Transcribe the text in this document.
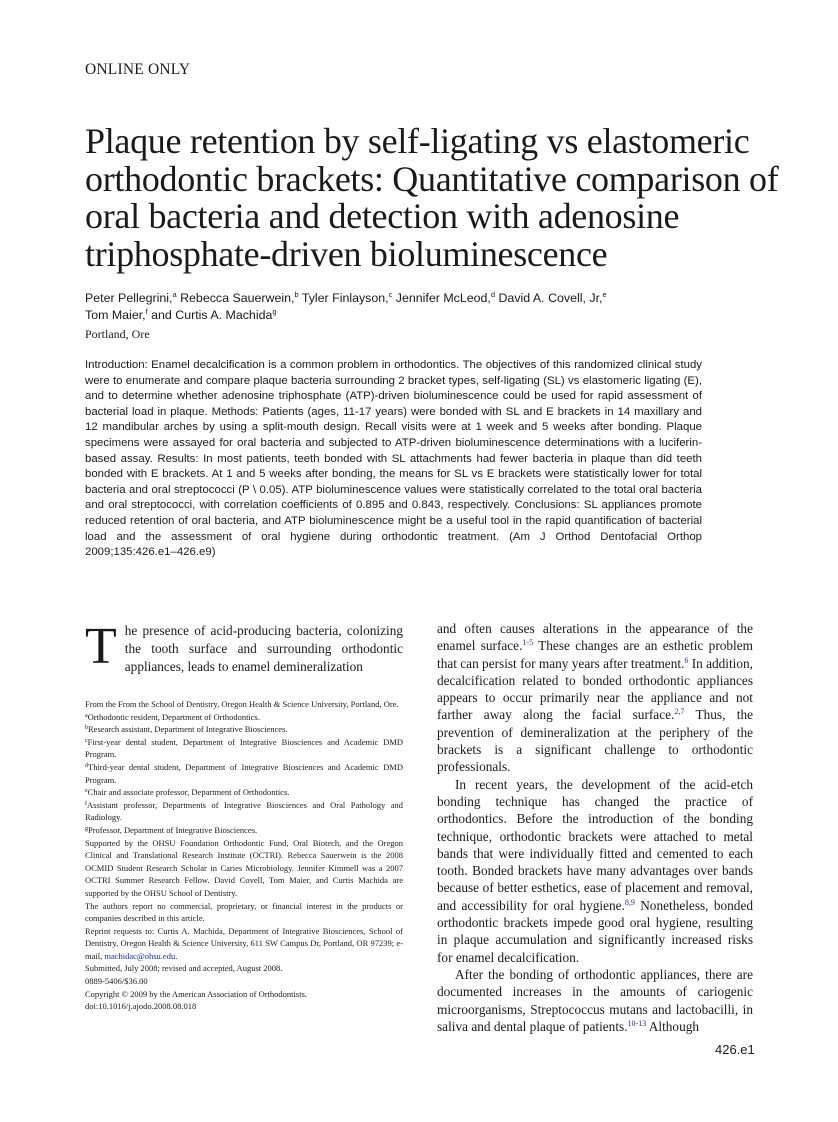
ONLINE ONLY
Plaque retention by self-ligating vs elastomeric orthodontic brackets: Quantitative comparison of oral bacteria and detection with adenosine triphosphate-driven bioluminescence
Peter Pellegrini,$^a$ Rebecca Sauerwein,$^b$ Tyler Finlayson,$^c$ Jennifer McLeod,$^d$ David A. Covell, Jr,$^e$
Tom Maier,$^f$ and Curtis A. Machida$^g$
Portland, Ore

Introduction: Enamel decalcification is a common problem in orthodontics. The objectives of this randomized clinical study were to enumerate and compare plaque bacteria surrounding 2 bracket types, self-ligating (SL) vs elastomeric ligating (E), and to determine whether adenosine triphosphate (ATP)-driven bioluminescence could be used for rapid assessment of bacterial load in plaque. Methods: Patients (ages, 11-17 years) were bonded with SL and E brackets in 14 maxillary and 12 mandibular arches by using a split-mouth design. Recall visits were at 1 week and 5 weeks after bonding. Plaque specimens were assayed for oral bacteria and subjected to ATP-driven bioluminescence determinations with a luciferin-based assay. Results: In most patients, teeth bonded with SL attachments had fewer bacteria in plaque than did teeth bonded with E brackets. At 1 and 5 weeks after bonding, the means for SL vs E brackets were statistically lower for total bacteria and oral streptococci (P \ 0.05). ATP bioluminescence values were statistically correlated to the total oral bacteria and oral streptococci, with correlation coefficients of 0.895 and 0.843, respectively. Conclusions: SL appliances promote reduced retention of oral bacteria, and ATP bioluminescence might be a useful tool in the rapid quantification of bacterial load and the assessment of oral hygiene during orthodontic treatment. (Am J Orthod Dentofacial Orthop 2009;135:426.e1–426.e9)

The presence of acid-producing bacteria, colonizing the tooth surface and surrounding orthodontic appliances, leads to enamel demineralization

From the From the School of Dentistry, Oregon Health & Science University, Portland, Ore.

$^a$Orthodontic resident, Department of Orthodontics.

$^b$Research assistant, Department of Integrative Biosciences.

$^c$First-year dental student, Department of Integrative Biosciences and Academic DMD Program.

$^d$Third-year dental student, Department of Integrative Biosciences and Academic DMD Program.

$^e$Chair and associate professor, Department of Orthodontics.

$^f$Assistant professor, Departments of Integrative Biosciences and Oral Pathology and Radiology.

$^g$Professor, Department of Integrative Biosciences.

Supported by the OHSU Foundation Orthodontic Fund, Oral Biotech, and the Oregon Clinical and Translational Research Institute (OCTRI). Rebecca Sauerwein is the 2008 OCMID Student Research Scholar in Caries Microbiology. Jennifer Kimmell was a 2007 OCTRI Summer Research Fellow. David Covell, Tom Maier, and Curtis Machida are supported by the OHSU School of Dentistry.

The authors report no commercial, proprietary, or financial interest in the products or companies described in this article.

Reprint requests to: Curtis A. Machida, Department of Integrative Biosciences, School of Dentistry, Oregon Health & Science University, 611 SW Campus Dr, Portland, OR 97239; e-mail, machidac@ohsu.edu.

Submitted, July 2008; revised and accepted, August 2008.

0889-5406/$36.00

Copyright © 2009 by the American Association of Orthodontists.

doi:10.1016/j.ajodo.2008.08.018

and often causes alterations in the appearance of the enamel surface.$^{1-5}$ These changes are an esthetic problem that can persist for many years after treatment.$^6$ In addition, decalcification related to bonded orthodontic appliances appears to occur primarily near the appliance and not farther away along the facial surface.$^{2,7}$ Thus, the prevention of demineralization at the periphery of the brackets is a significant challenge to orthodontic professionals.

In recent years, the development of the acid-etch bonding technique has changed the practice of orthodontics. Before the introduction of the bonding technique, orthodontic brackets were attached to metal bands that were individually fitted and cemented to each tooth. Bonded brackets have many advantages over bands because of better esthetics, ease of placement and removal, and accessibility for oral hygiene.$^{8,9}$ Nonetheless, bonded orthodontic brackets impede good oral hygiene, resulting in plaque accumulation and significantly increased risks for enamel decalcification.

After the bonding of orthodontic appliances, there are documented increases in the amounts of cariogenic microorganisms, Streptococcus mutans and lactobacilli, in saliva and dental plaque of patients.$^{10-13}$ Although

426.e1
